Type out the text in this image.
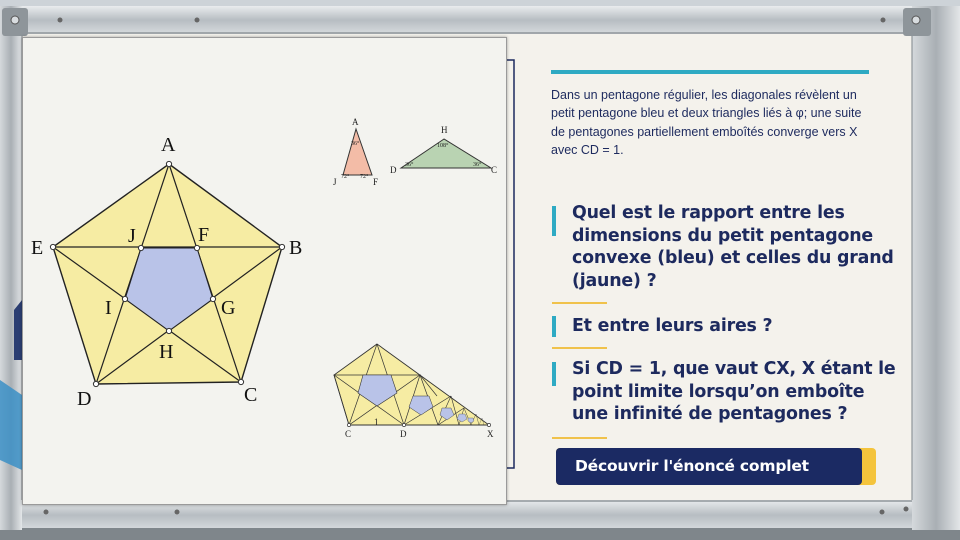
A
B
C
D
E
F
G
H
I
J
A
J	F
36°
72° 72°
H
D	C
108°
36°	36°
C
1
D	X
Dans un pentagone régulier, les diagonales révèlent un petit pentagone bleu et deux triangles liés à φ; une suite de pentagones partiellement emboîtés converge vers X avec CD = 1.
Quel est le rapport entre les dimensions du petit pentagone convexe (bleu) et celles du grand (jaune) ?
Et entre leurs aires ?
Si CD = 1, que vaut CX, X étant le point limite lorsqu’on emboîte une infinité de pentagones ?
Découvrir l'énoncé complet
